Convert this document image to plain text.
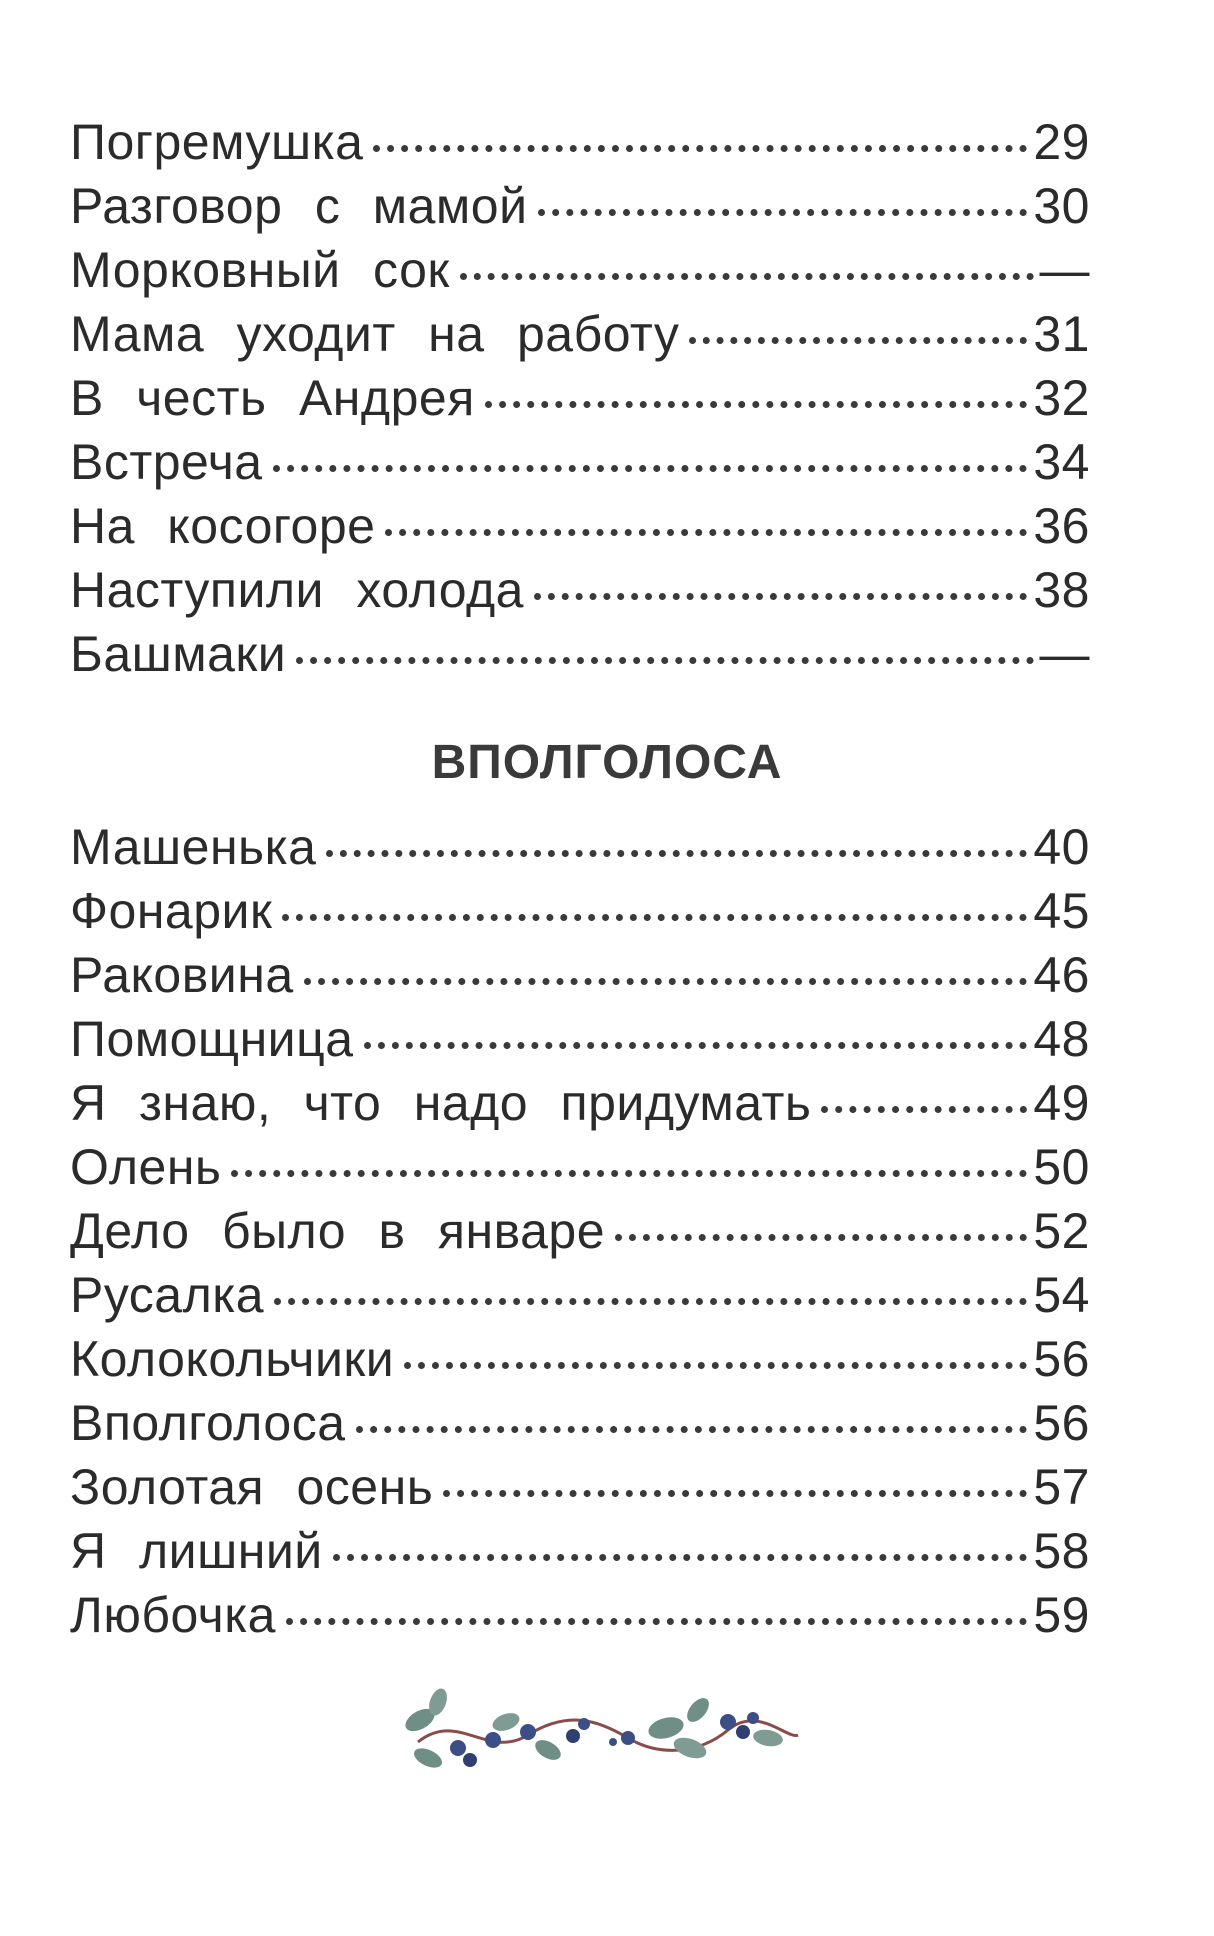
Погремушка	29
Разговор с мамой	30
Морковный сок	—
Мама уходит на работу	31
В честь Андрея	32
Встреча	34
На косогоре	36
Наступили холода	38
Башмаки	—
ВПОЛГОЛОСА
Машенька	40
Фонарик	45
Раковина	46
Помощница	48
Я знаю, что надо придумать	49
Олень	50
Дело было в январе	52
Русалка	54
Колокольчики	56
Вполголоса	56
Золотая осень	57
Я лишний	58
Любочка	59
